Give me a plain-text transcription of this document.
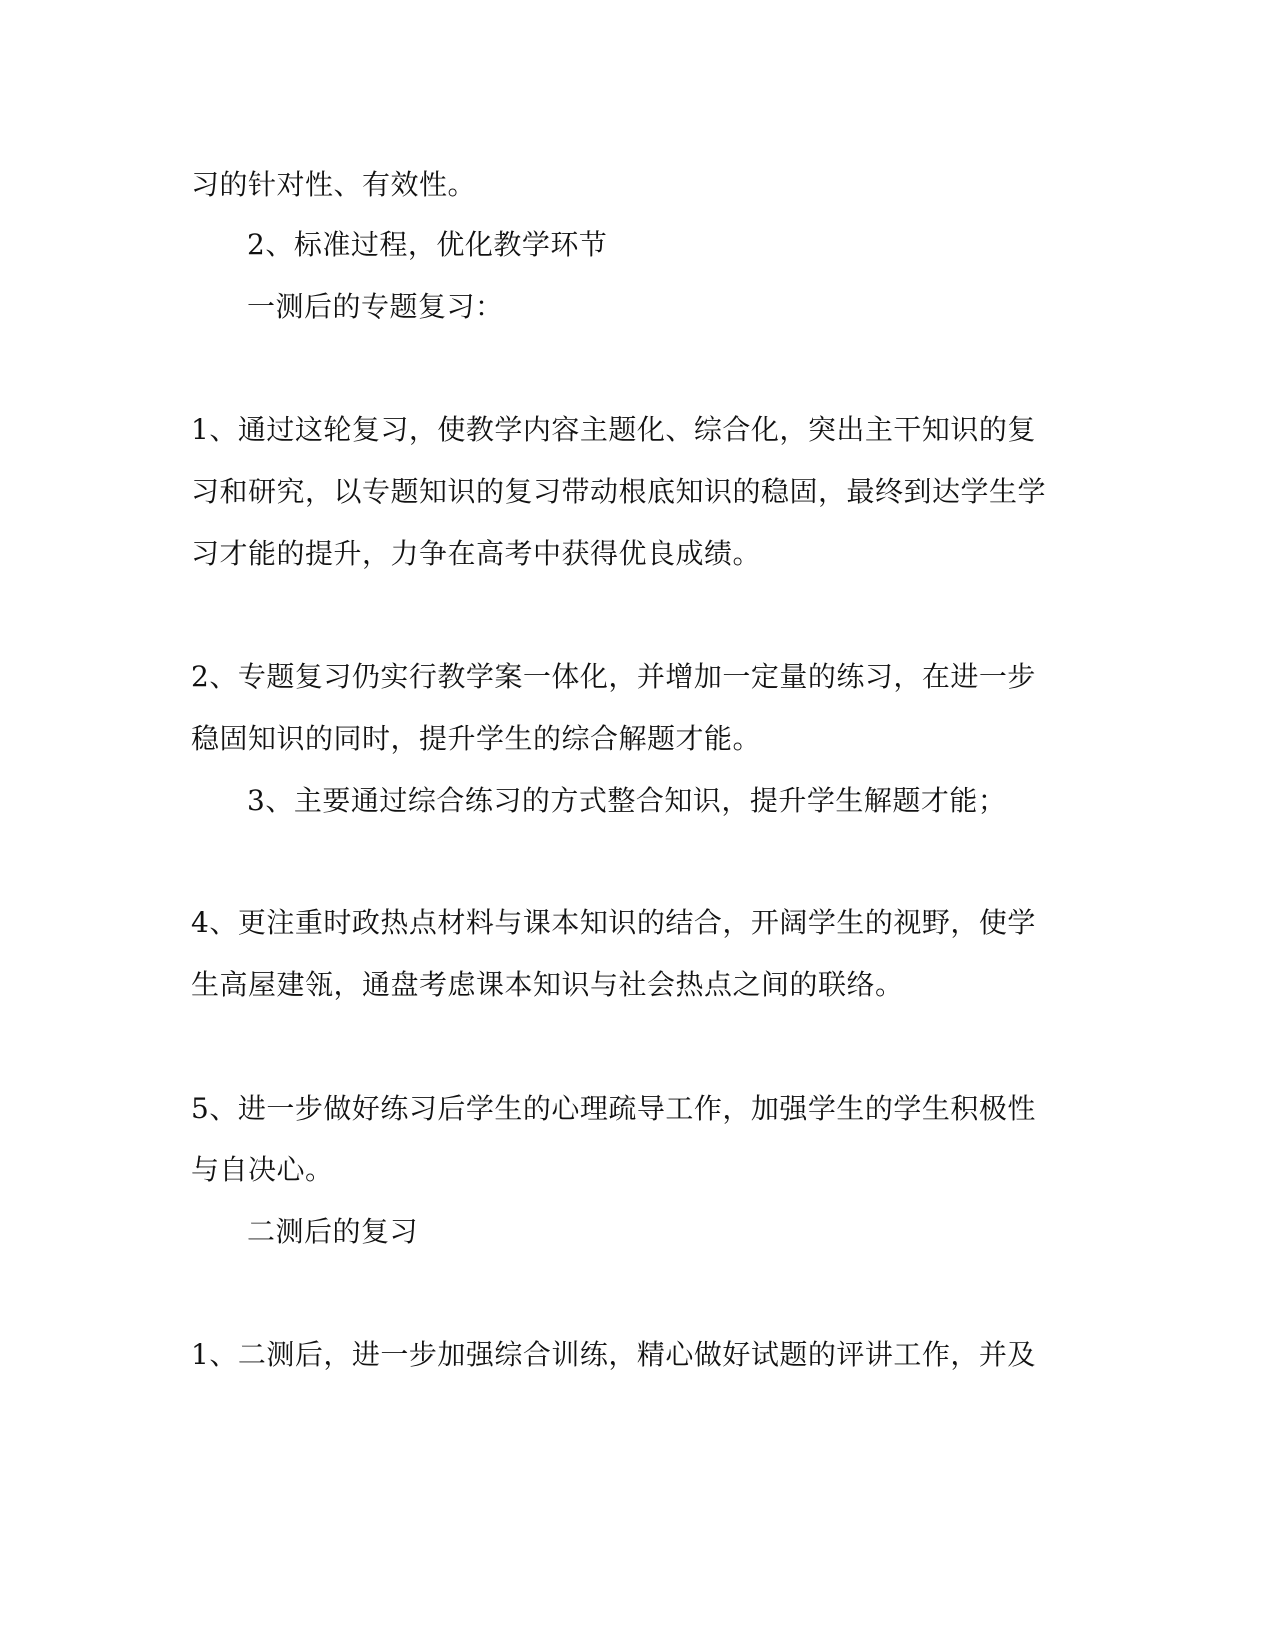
习的针对性、有效性。
2、标准过程，优化教学环节
一测后的专题复习：
1、通过这轮复习，使教学内容主题化、综合化，突出主干知识的复
习和研究，以专题知识的复习带动根底知识的稳固，最终到达学生学
习才能的提升，力争在高考中获得优良成绩。
2、专题复习仍实行教学案一体化，并增加一定量的练习，在进一步
稳固知识的同时，提升学生的综合解题才能。
3、主要通过综合练习的方式整合知识，提升学生解题才能；
4、更注重时政热点材料与课本知识的结合，开阔学生的视野，使学
生高屋建瓴，通盘考虑课本知识与社会热点之间的联络。
5、进一步做好练习后学生的心理疏导工作，加强学生的学生积极性
与自决心。
二测后的复习
1、二测后，进一步加强综合训练，精心做好试题的评讲工作，并及
